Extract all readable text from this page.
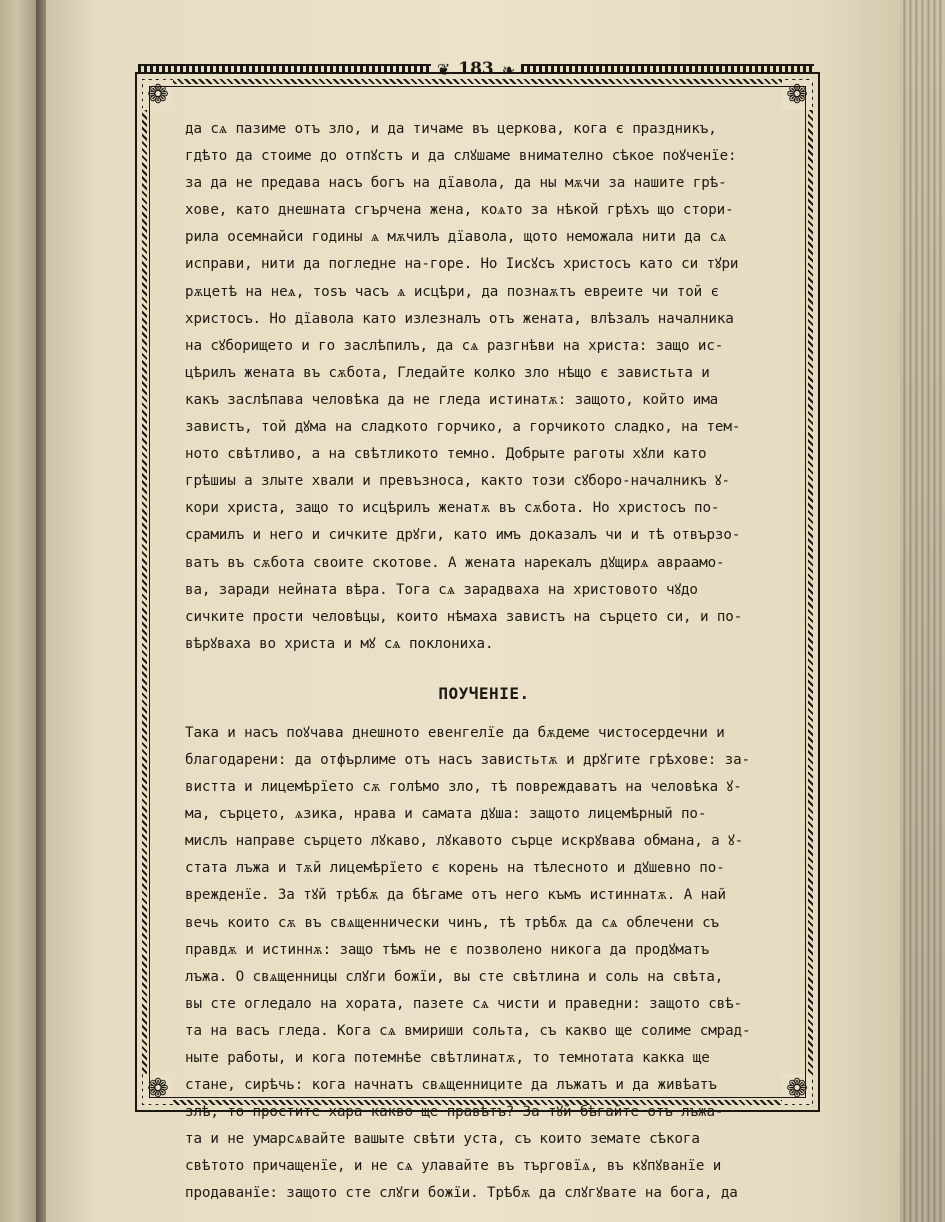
❦ 183 ❧
❁	❁
❁	❁
да сѧ пазиме отъ зло, и да тичаме въ церкова, кога є праздникъ,
гдѣто да стоиме до отпꙋстъ и да слꙋшаме внимателно сѣкое поꙋченїе:
за да не предава насъ богъ на дїавола, да ны мѫчи за нашите грѣ-
хове, като днешната сгърчена жена, коѧто за нѣкой грѣхъ що стори-
рила осемнайси годины ѧ мѫчилъ дїавола, щото неможала нити да сѧ
исправи, нити да погледне на-горе. Но Іисꙋсъ христосъ като си тꙋри
рѫцетѣ на неѧ, тоѕъ часъ ѧ исцѣри, да познаѫтъ евреите чи той є
христосъ. Но дїавола като излезналъ отъ жената, влѣзалъ началника
на сꙋборището и го заслѣпилъ, да сѧ разгнѣви на христа: защо ис-
цѣрилъ жената въ сѫбота, Гледайте колко зло нѣщо є завистьта и
какъ заслѣпава человѣка да не гледа истинатѫ: защото, който има
завистъ, той дꙋма на сладкото горчико, а горчикото сладко, на тем-
ното свѣтливо, а на свѣтликото темно. Добрыте раготы хꙋли като
грѣшиы а злыте хвали и превъзноса, както този сꙋборо-началникъ ꙋ-
кори христа, защо то исцѣрилъ женатѫ въ сѫбота. Но христосъ по-
срамилъ и него и сичките дрꙋги, като имъ доказалъ чи и тѣ отвързо-
ватъ въ сѫбота своите скотове. А жената нарекалъ дꙋщирѧ авраамо-
ва, заради нейната вѣра. Тога сѧ зарадваха на христовото чꙋдо
сичките прости человѣцы, които нѣмаха завистъ на сърцето си, и по-
вѣрꙋваха во христа и мꙋ сѧ поклониха.
ПОУЧЕНІЕ.
Така и насъ поꙋчава днешното евенгелїе да бѫдеме чистосердечни и
благодарени: да отфърлиме отъ насъ завистьтѫ и дрꙋгите грѣхове: за-
вистта и лицемѣрїето сѫ голѣмо зло, тѣ повреждаватъ на человѣка ꙋ-
ма, сърцето, ѧзика, нрава и самата дꙋша: защото лицемѣрный по-
мислъ направе сърцето лꙋкаво, лꙋкавото сърце искрꙋвава обмана, а ꙋ-
стата лъжа и тѫй лицемѣрїето є корень на тѣлесното и дꙋшевно по-
врежденїе. За тꙋй трѣбѫ да бѣгаме отъ него къмъ истиннатѫ. А най
вечь които сѫ въ свѧщеннически чинъ, тѣ трѣбѫ да сѧ облечени съ
правдѫ и истиннѫ: защо тѣмъ не є позволено никогa да продꙋматъ
лъжа. О свѧщенницы слꙋги божїи, вы сте свѣтлина и соль на свѣта,
вы сте огледало на хората, пазете сѧ чисти и праведни: защото свѣ-
та на васъ гледа. Кога сѧ вмириши сольта, съ какво ще солиме смрад-
ныте работы, и кога потемнѣе свѣтлинатѫ, то темнотата какка ще
стане, сирѣчь: кога начнатъ свѧщенниците да лъжатъ и да живѣатъ
злѣ, то простите хара какво ще правѣтъ? За тꙋй бѣгайте отъ лъжа-
та и не умарсѧвайте вашыте свѣти уста, съ които земате сѣкога
свѣтото причащенїе, и не сѧ улавайте въ търговїѧ, въ кꙋпꙋванїе и
продаванїе: защото сте слꙋги божїи. Трѣбѫ да слꙋгꙋвате на бога, да
